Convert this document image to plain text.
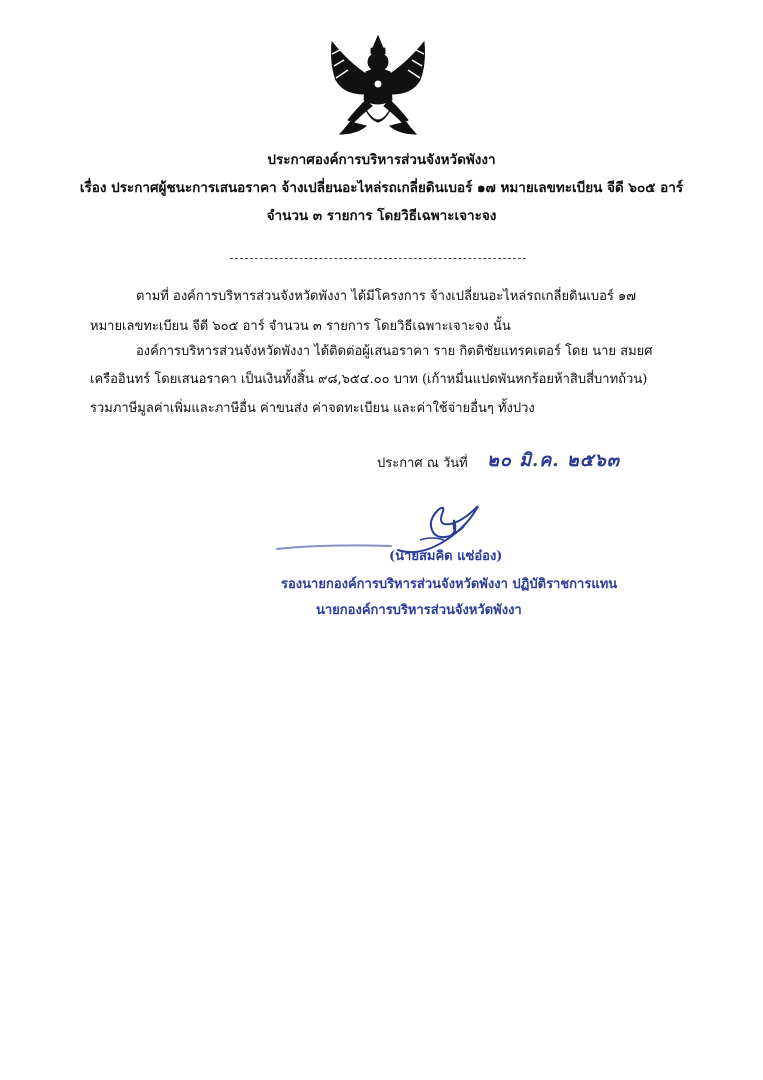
ประกาศองค์การบริหารส่วนจังหวัดพังงา
เรื่อง ประกาศผู้ชนะการเสนอราคา จ้างเปลี่ยนอะไหล่รถเกลี่ยดินเบอร์ ๑๗ หมายเลขทะเบียน จีดี ๖๐๕ อาร์
จำนวน ๓ รายการ โดยวิธีเฉพาะเจาะจง
ตามที่ องค์การบริหารส่วนจังหวัดพังงา ได้มีโครงการ จ้างเปลี่ยนอะไหล่รถเกลี่ยดินเบอร์ ๑๗
หมายเลขทะเบียน จีดี ๖๐๕ อาร์ จำนวน ๓ รายการ โดยวิธีเฉพาะเจาะจง นั้น
องค์การบริหารส่วนจังหวัดพังงา ได้ติดต่อผู้เสนอราคา ราย กิตติชัยแทรคเตอร์ โดย นาย สมยศ
เครืออินทร์ โดยเสนอราคา เป็นเงินทั้งสิ้น ๙๘,๖๕๔.๐๐ บาท (เก้าหมื่นแปดพันหกร้อยห้าสิบสี่บาทถ้วน)
รวมภาษีมูลค่าเพิ่มและภาษีอื่น ค่าขนส่ง ค่าจดทะเบียน และค่าใช้จ่ายอื่นๆ ทั้งปวง
ประกาศ ณ วันที่ ๒๐ มิ.ค. ๒๕๖๓
(นายสมคิด แซ่อ๋อง)
รองนายกองค์การบริหารส่วนจังหวัดพังงา ปฏิบัติราชการแทน
นายกองค์การบริหารส่วนจังหวัดพังงา
